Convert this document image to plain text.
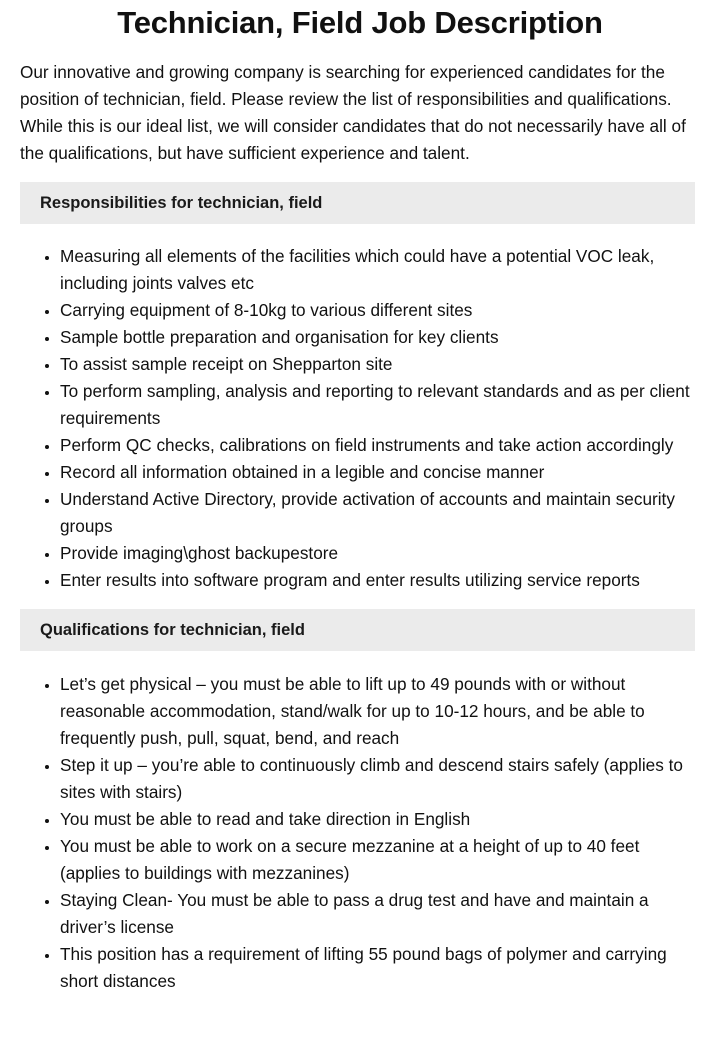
Technician, Field Job Description

Our innovative and growing company is searching for experienced candidates for the position of technician, field. Please review the list of responsibilities and qualifications. While this is our ideal list, we will consider candidates that do not necessarily have all of the qualifications, but have sufficient experience and talent.

Responsibilities for technician, field
• Measuring all elements of the facilities which could have a potential VOC leak, including joints valves etc
• Carrying equipment of 8-10kg to various different sites
• Sample bottle preparation and organisation for key clients
• To assist sample receipt on Shepparton site
• To perform sampling, analysis and reporting to relevant standards and as per client requirements
• Perform QC checks, calibrations on field instruments and take action accordingly
• Record all information obtained in a legible and concise manner
• Understand Active Directory, provide activation of accounts and maintain security groups
• Provide imaging\ghost backupestore
• Enter results into software program and enter results utilizing service reports
Qualifications for technician, field
• Let’s get physical – you must be able to lift up to 49 pounds with or without reasonable accommodation, stand/walk for up to 10-12 hours, and be able to frequently push, pull, squat, bend, and reach
• Step it up – you’re able to continuously climb and descend stairs safely (applies to sites with stairs)
• You must be able to read and take direction in English
• You must be able to work on a secure mezzanine at a height of up to 40 feet (applies to buildings with mezzanines)
• Staying Clean- You must be able to pass a drug test and have and maintain a driver’s license
• This position has a requirement of lifting 55 pound bags of polymer and carrying short distances
